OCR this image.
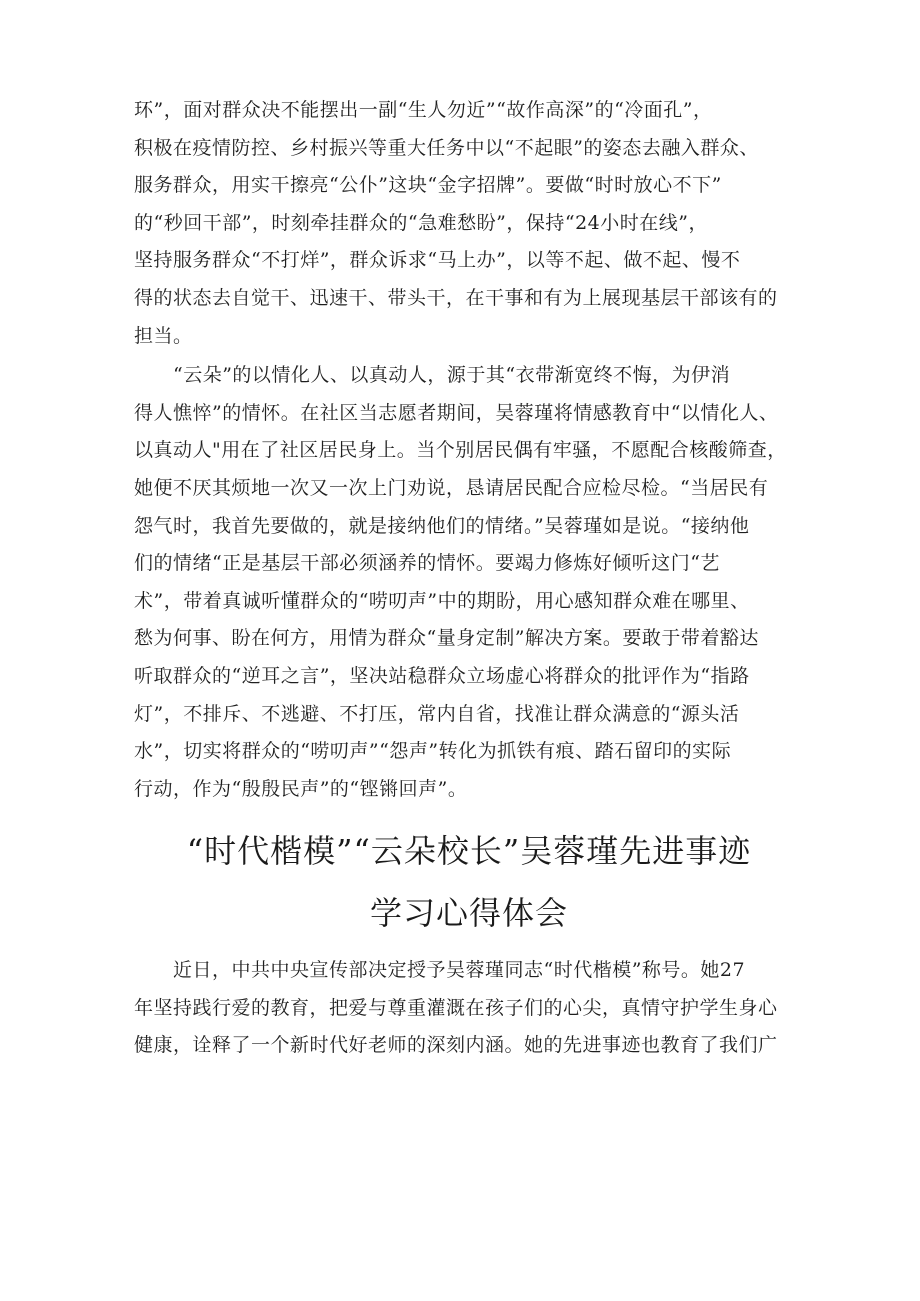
环”，面对群众决不能摆出一副“生人勿近”“故作高深”的“冷面孔”，
积极在疫情防控、乡村振兴等重大任务中以“不起眼”的姿态去融入群众、
服务群众，用实干擦亮“公仆”这块“金字招牌”。要做“时时放心不下”
的“秒回干部”，时刻牵挂群众的“急难愁盼”，保持“24小时在线”，
坚持服务群众“不打烊”，群众诉求“马上办”，以等不起、做不起、慢不
得的状态去自觉干、迅速干、带头干，在干事和有为上展现基层干部该有的
担当。
　　“云朵”的以情化人、以真动人，源于其“衣带渐宽终不悔，为伊消
得人憔悴”的情怀。在社区当志愿者期间，吴蓉瑾将情感教育中“以情化人、
以真动人"用在了社区居民身上。当个别居民偶有牢骚，不愿配合核酸筛查，
她便不厌其烦地一次又一次上门劝说，恳请居民配合应检尽检。“当居民有
怨气时，我首先要做的，就是接纳他们的情绪。”吴蓉瑾如是说。“接纳他
们的情绪“正是基层干部必须涵养的情怀。要竭力修炼好倾听这门“艺
术”，带着真诚听懂群众的“唠叨声”中的期盼，用心感知群众难在哪里、
愁为何事、盼在何方，用情为群众“量身定制”解决方案。要敢于带着豁达
听取群众的“逆耳之言”，坚决站稳群众立场虚心将群众的批评作为“指路
灯”，不排斥、不逃避、不打压，常内自省，找准让群众满意的“源头活
水”，切实将群众的“唠叨声”“怨声”转化为抓铁有痕、踏石留印的实际
行动，作为“殷殷民声”的“铿锵回声”。
“时代楷模”“云朵校长”吴蓉瑾先进事迹
学习心得体会
　　近日，中共中央宣传部决定授予吴蓉瑾同志“时代楷模”称号。她27
年坚持践行爱的教育，把爱与尊重灌溉在孩子们的心尖，真情守护学生身心
健康，诠释了一个新时代好老师的深刻内涵。她的先进事迹也教育了我们广
